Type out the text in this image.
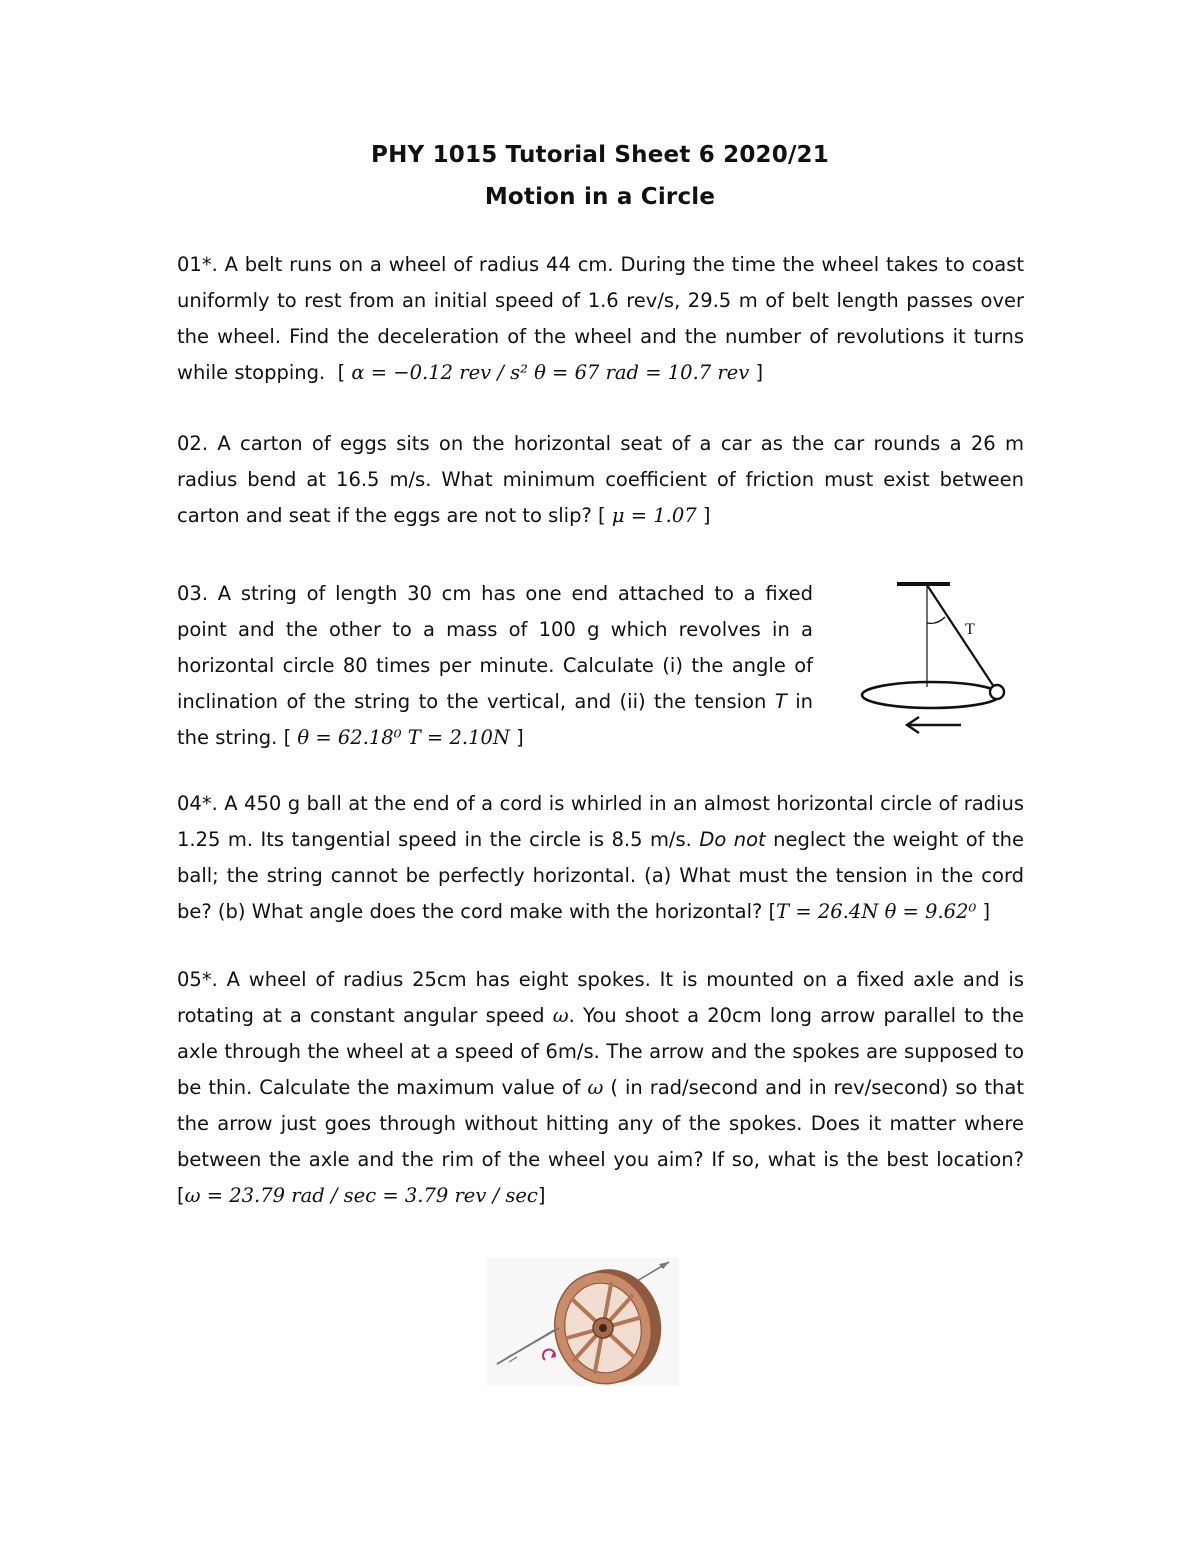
PHY 1015 Tutorial Sheet 6 2020/21
Motion in a Circle

01*. A belt runs on a wheel of radius 44 cm. During the time the wheel takes to coast uniformly to rest from an initial speed of 1.6 rev/s, 29.5 m of belt length passes over the wheel. Find the deceleration of the wheel and the number of revolutions it turns while stopping.  [ α = −0.12 rev / s² θ = 67 rad = 10.7 rev ]

02. A carton of eggs sits on the horizontal seat of a car as the car rounds a 26 m radius bend at 16.5 m/s. What minimum coefficient of friction must exist between carton and seat if the eggs are not to slip? [ μ = 1.07 ]

03. A string of length 30 cm has one end attached to a fixed point and the other to a mass of 100 g which revolves in a horizontal circle 80 times per minute. Calculate (i) the angle of inclination of the string to the vertical, and (ii) the tension T in the string. [ θ = 62.18⁰ T = 2.10N ]

T

04*. A 450 g ball at the end of a cord is whirled in an almost horizontal circle of radius 1.25 m. Its tangential speed in the circle is 8.5 m/s. Do not neglect the weight of the ball; the string cannot be perfectly horizontal. (a) What must the tension in the cord be? (b) What angle does the cord make with the horizontal? [T = 26.4N θ = 9.62⁰ ]

05*. A wheel of radius 25cm has eight spokes. It is mounted on a fixed axle and is rotating at a constant angular speed ω. You shoot a 20cm long arrow parallel to the axle through the wheel at a speed of 6m/s. The arrow and the spokes are supposed to be thin. Calculate the maximum value of ω ( in rad/second and in rev/second) so that the arrow just goes through without hitting any of the spokes. Does it matter where between the axle and the rim of the wheel you aim? If so, what is the best location? [ω = 23.79 rad / sec = 3.79 rev / sec]
